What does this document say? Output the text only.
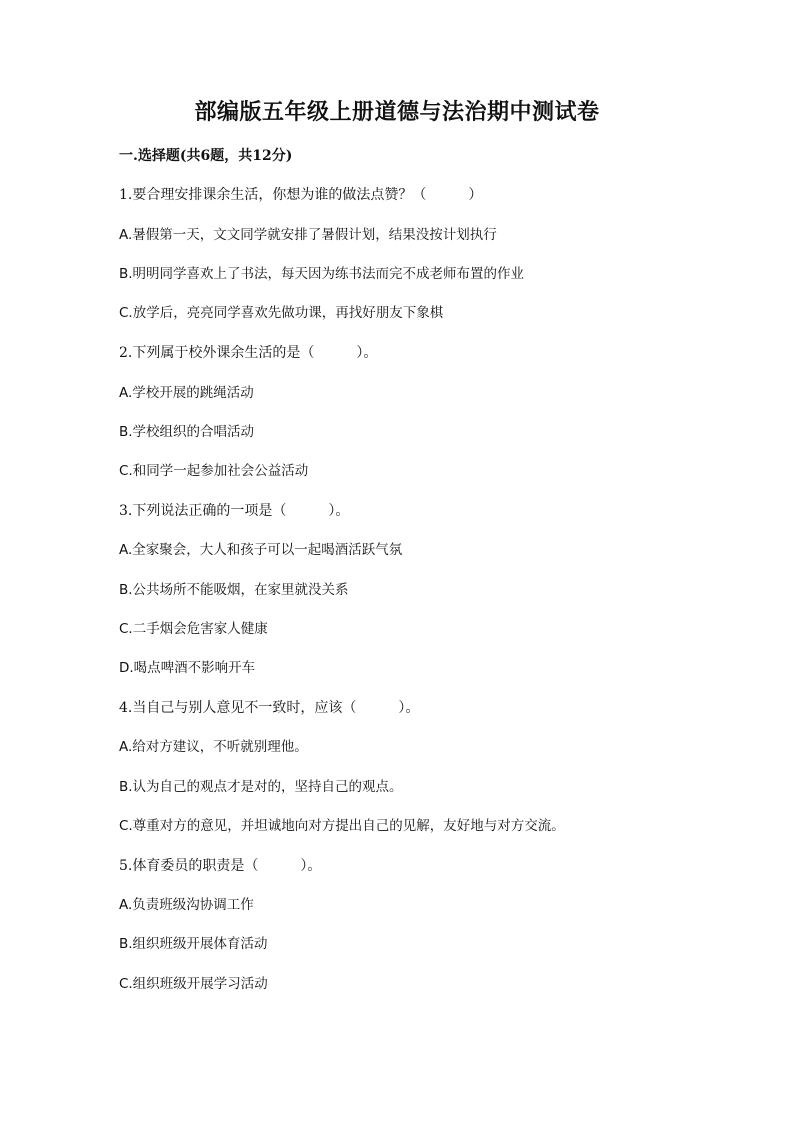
部编版五年级上册道德与法治期中测试卷
一.选择题(共6题，共12分)
1.要合理安排课余生活，你想为谁的做法点赞？（　　　）
A.暑假第一天，文文同学就安排了暑假计划，结果没按计划执行
B.明明同学喜欢上了书法，每天因为练书法而完不成老师布置的作业
C.放学后，亮亮同学喜欢先做功课，再找好朋友下象棋
2.下列属于校外课余生活的是（　　　）。
A.学校开展的跳绳活动
B.学校组织的合唱活动
C.和同学一起参加社会公益活动
3.下列说法正确的一项是（　　　）。
A.全家聚会，大人和孩子可以一起喝酒活跃气氛
B.公共场所不能吸烟，在家里就没关系
C.二手烟会危害家人健康
D.喝点啤酒不影响开车
4.当自己与别人意见不一致时，应该（　　　）。
A.给对方建议，不听就别理他。
B.认为自己的观点才是对的，坚持自己的观点。
C.尊重对方的意见，并坦诚地向对方提出自己的见解，友好地与对方交流。
5.体育委员的职责是（　　　）。
A.负责班级沟协调工作
B.组织班级开展体育活动
C.组织班级开展学习活动
